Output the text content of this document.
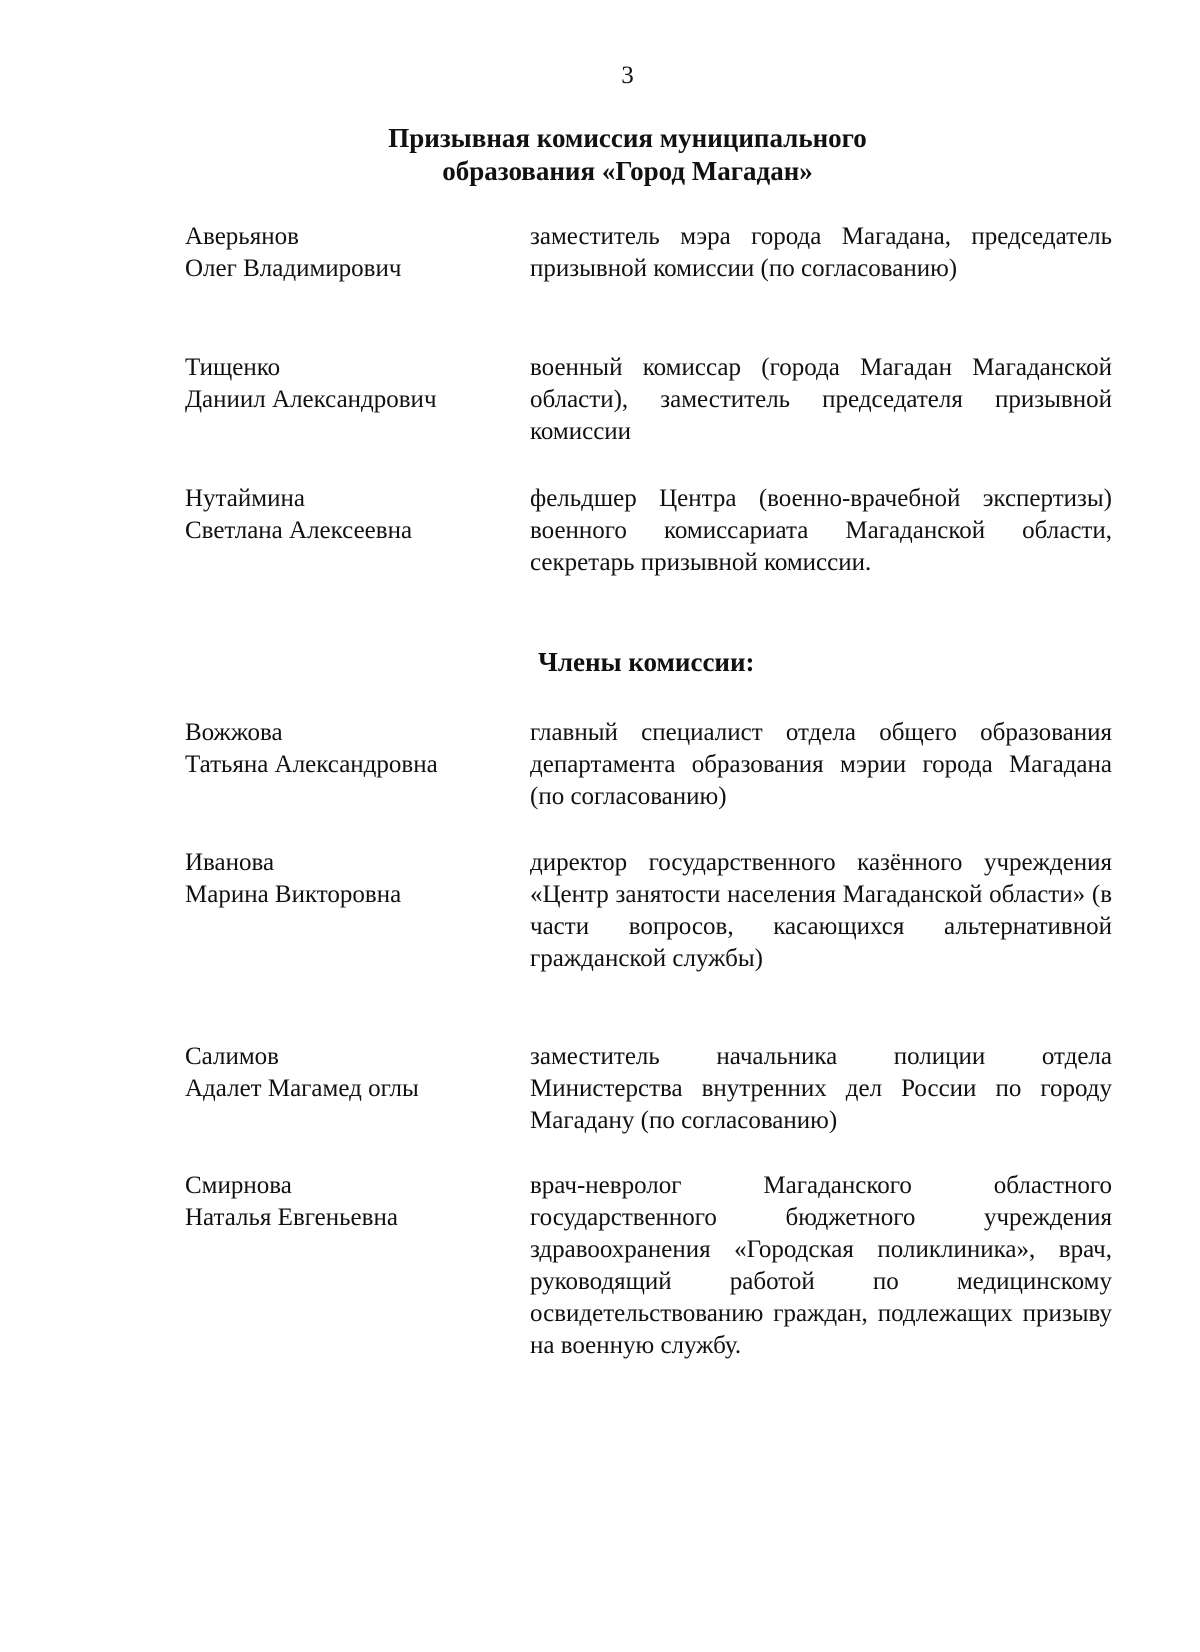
3
Призывная комиссия муниципального
образования «Город Магадан»
Аверьянов
Олег Владимирович
заместитель мэра города Магадана, председатель призывной комиссии (по согласованию)
Тищенко
Даниил Александрович
военный комиссар (города Магадан Магаданской области), заместитель председателя призывной комиссии
Нутаймина
Светлана Алексеевна
фельдшер Центра (военно-врачебной экспертизы) военного комиссариата Магаданской области, секретарь призывной комиссии.
Члены комиссии:
Вожжова
Татьяна Александровна
главный специалист отдела общего образования департамента образования мэрии города Магадана (по согласованию)
Иванова
Марина Викторовна
директор государственного казённого учреждения «Центр занятости населения Магаданской области» (в части вопросов, касающихся альтернативной гражданской службы)
Салимов
Адалет Магамед оглы
заместитель начальника полиции отдела Министерства внутренних дел России по городу Магадану (по согласованию)
Смирнова
Наталья Евгеньевна
врач-невролог Магаданского областного государственного бюджетного учреждения здравоохранения «Городская поликлиника», врач, руководящий работой по медицинскому освидетельствованию граждан, подлежащих призыву на военную службу.
